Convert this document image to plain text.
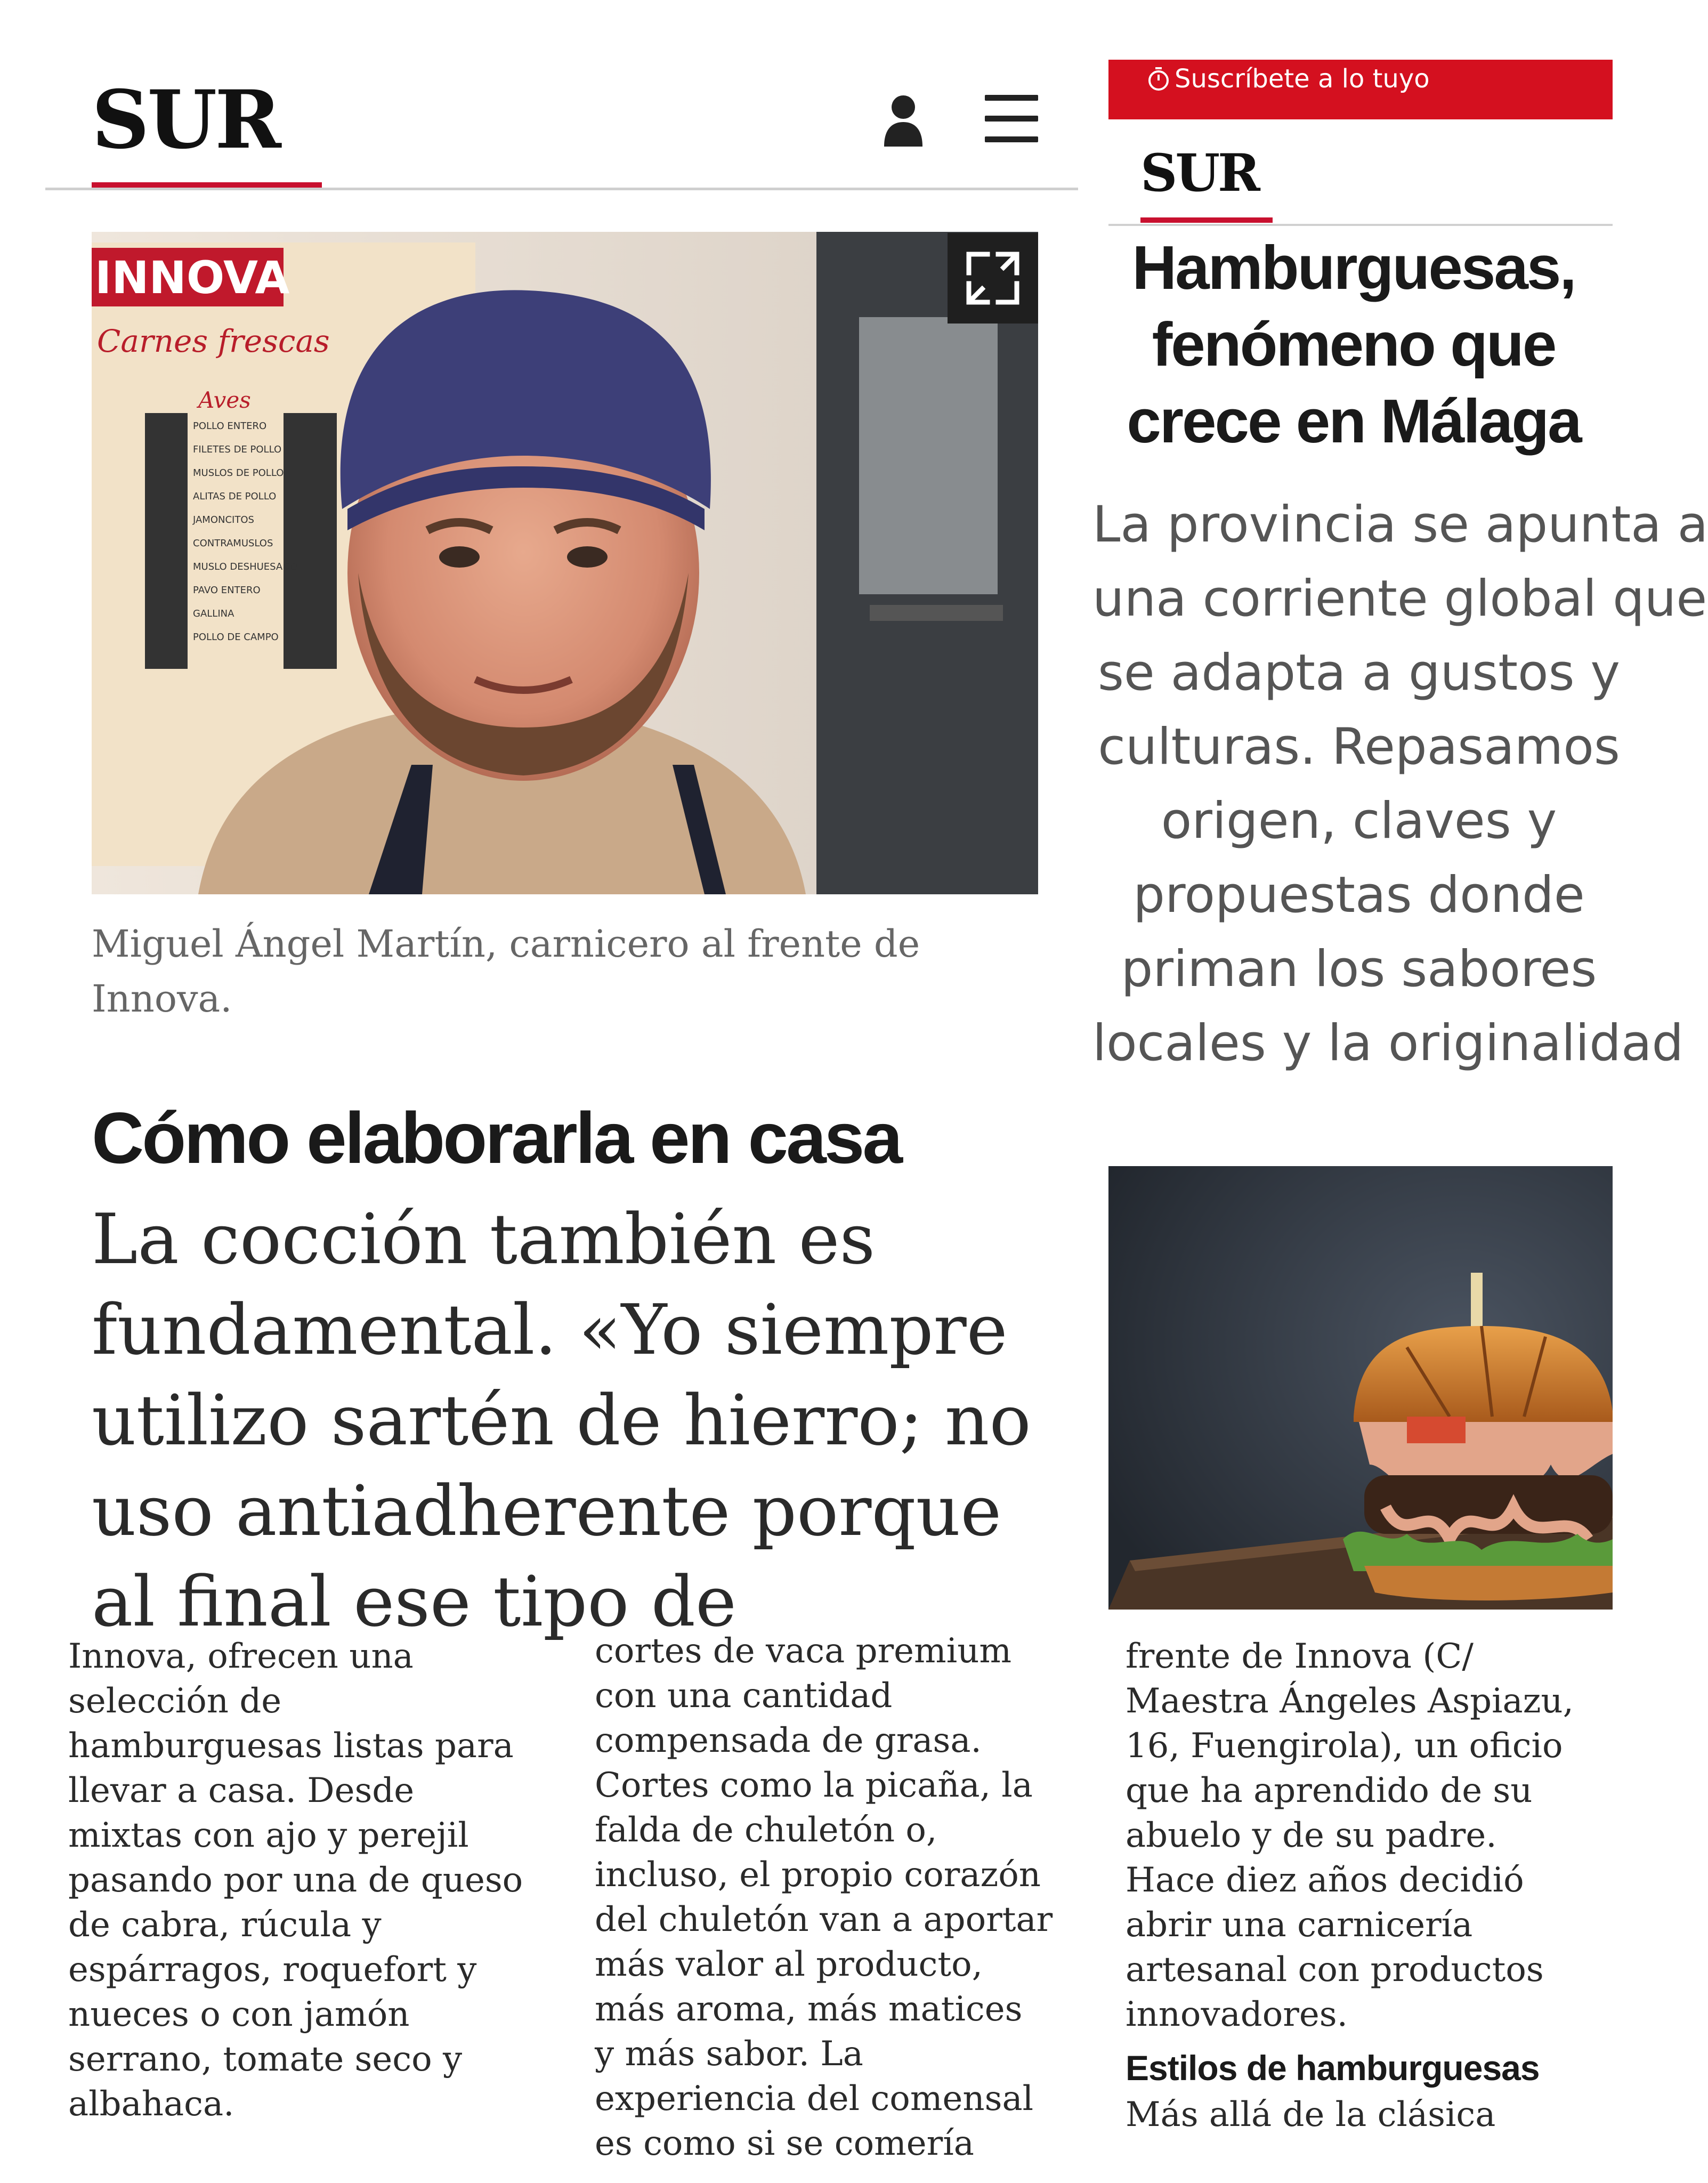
SUR
INNOVA
Carnes frescas
Aves
POLLO ENTERO
FILETES DE POLLO
MUSLOS DE POLLO
ALITAS DE POLLO
JAMONCITOS
CONTRAMUSLOS
MUSLO DESHUESADO
PAVO ENTERO
GALLINA
POLLO DE CAMPO
Miguel Ángel Martín, carnicero al frente de Innova.
Cómo elaborarla en casa

La cocción también es fundamental. «Yo siempre utilizo sartén de hierro; no uso antiadherente porque al final ese tipo de

Suscríbete a lo tuyo
SUR
Hamburguesas,
fenómeno que
crece en Málaga

La provincia se apunta a
una corriente global que
se adapta a gustos y
culturas. Repasamos
origen, claves y
propuestas donde
priman los sabores
locales y la originalidad

Innova, ofrecen una
selección de
hamburguesas listas para
llevar a casa. Desde
mixtas con ajo y perejil
pasando por una de queso
de cabra, rúcula y
espárragos, roquefort y
nueces o con jamón
serrano, tomate seco y
albahaca.
cortes de vaca premium
con una cantidad
compensada de grasa.
Cortes como la picaña, la
falda de chuletón o,
incluso, el propio corazón
del chuletón van a aportar
más valor al producto,
más aroma, más matices
y más sabor. La
experiencia del comensal
es como si se comería
frente de Innova (C/
Maestra Ángeles Aspiazu,
16, Fuengirola), un oficio
que ha aprendido de su
abuelo y de su padre.
Hace diez años decidió
abrir una carnicería
artesanal con productos
innovadores.
Estilos de hamburguesas
Más allá de la clásica
